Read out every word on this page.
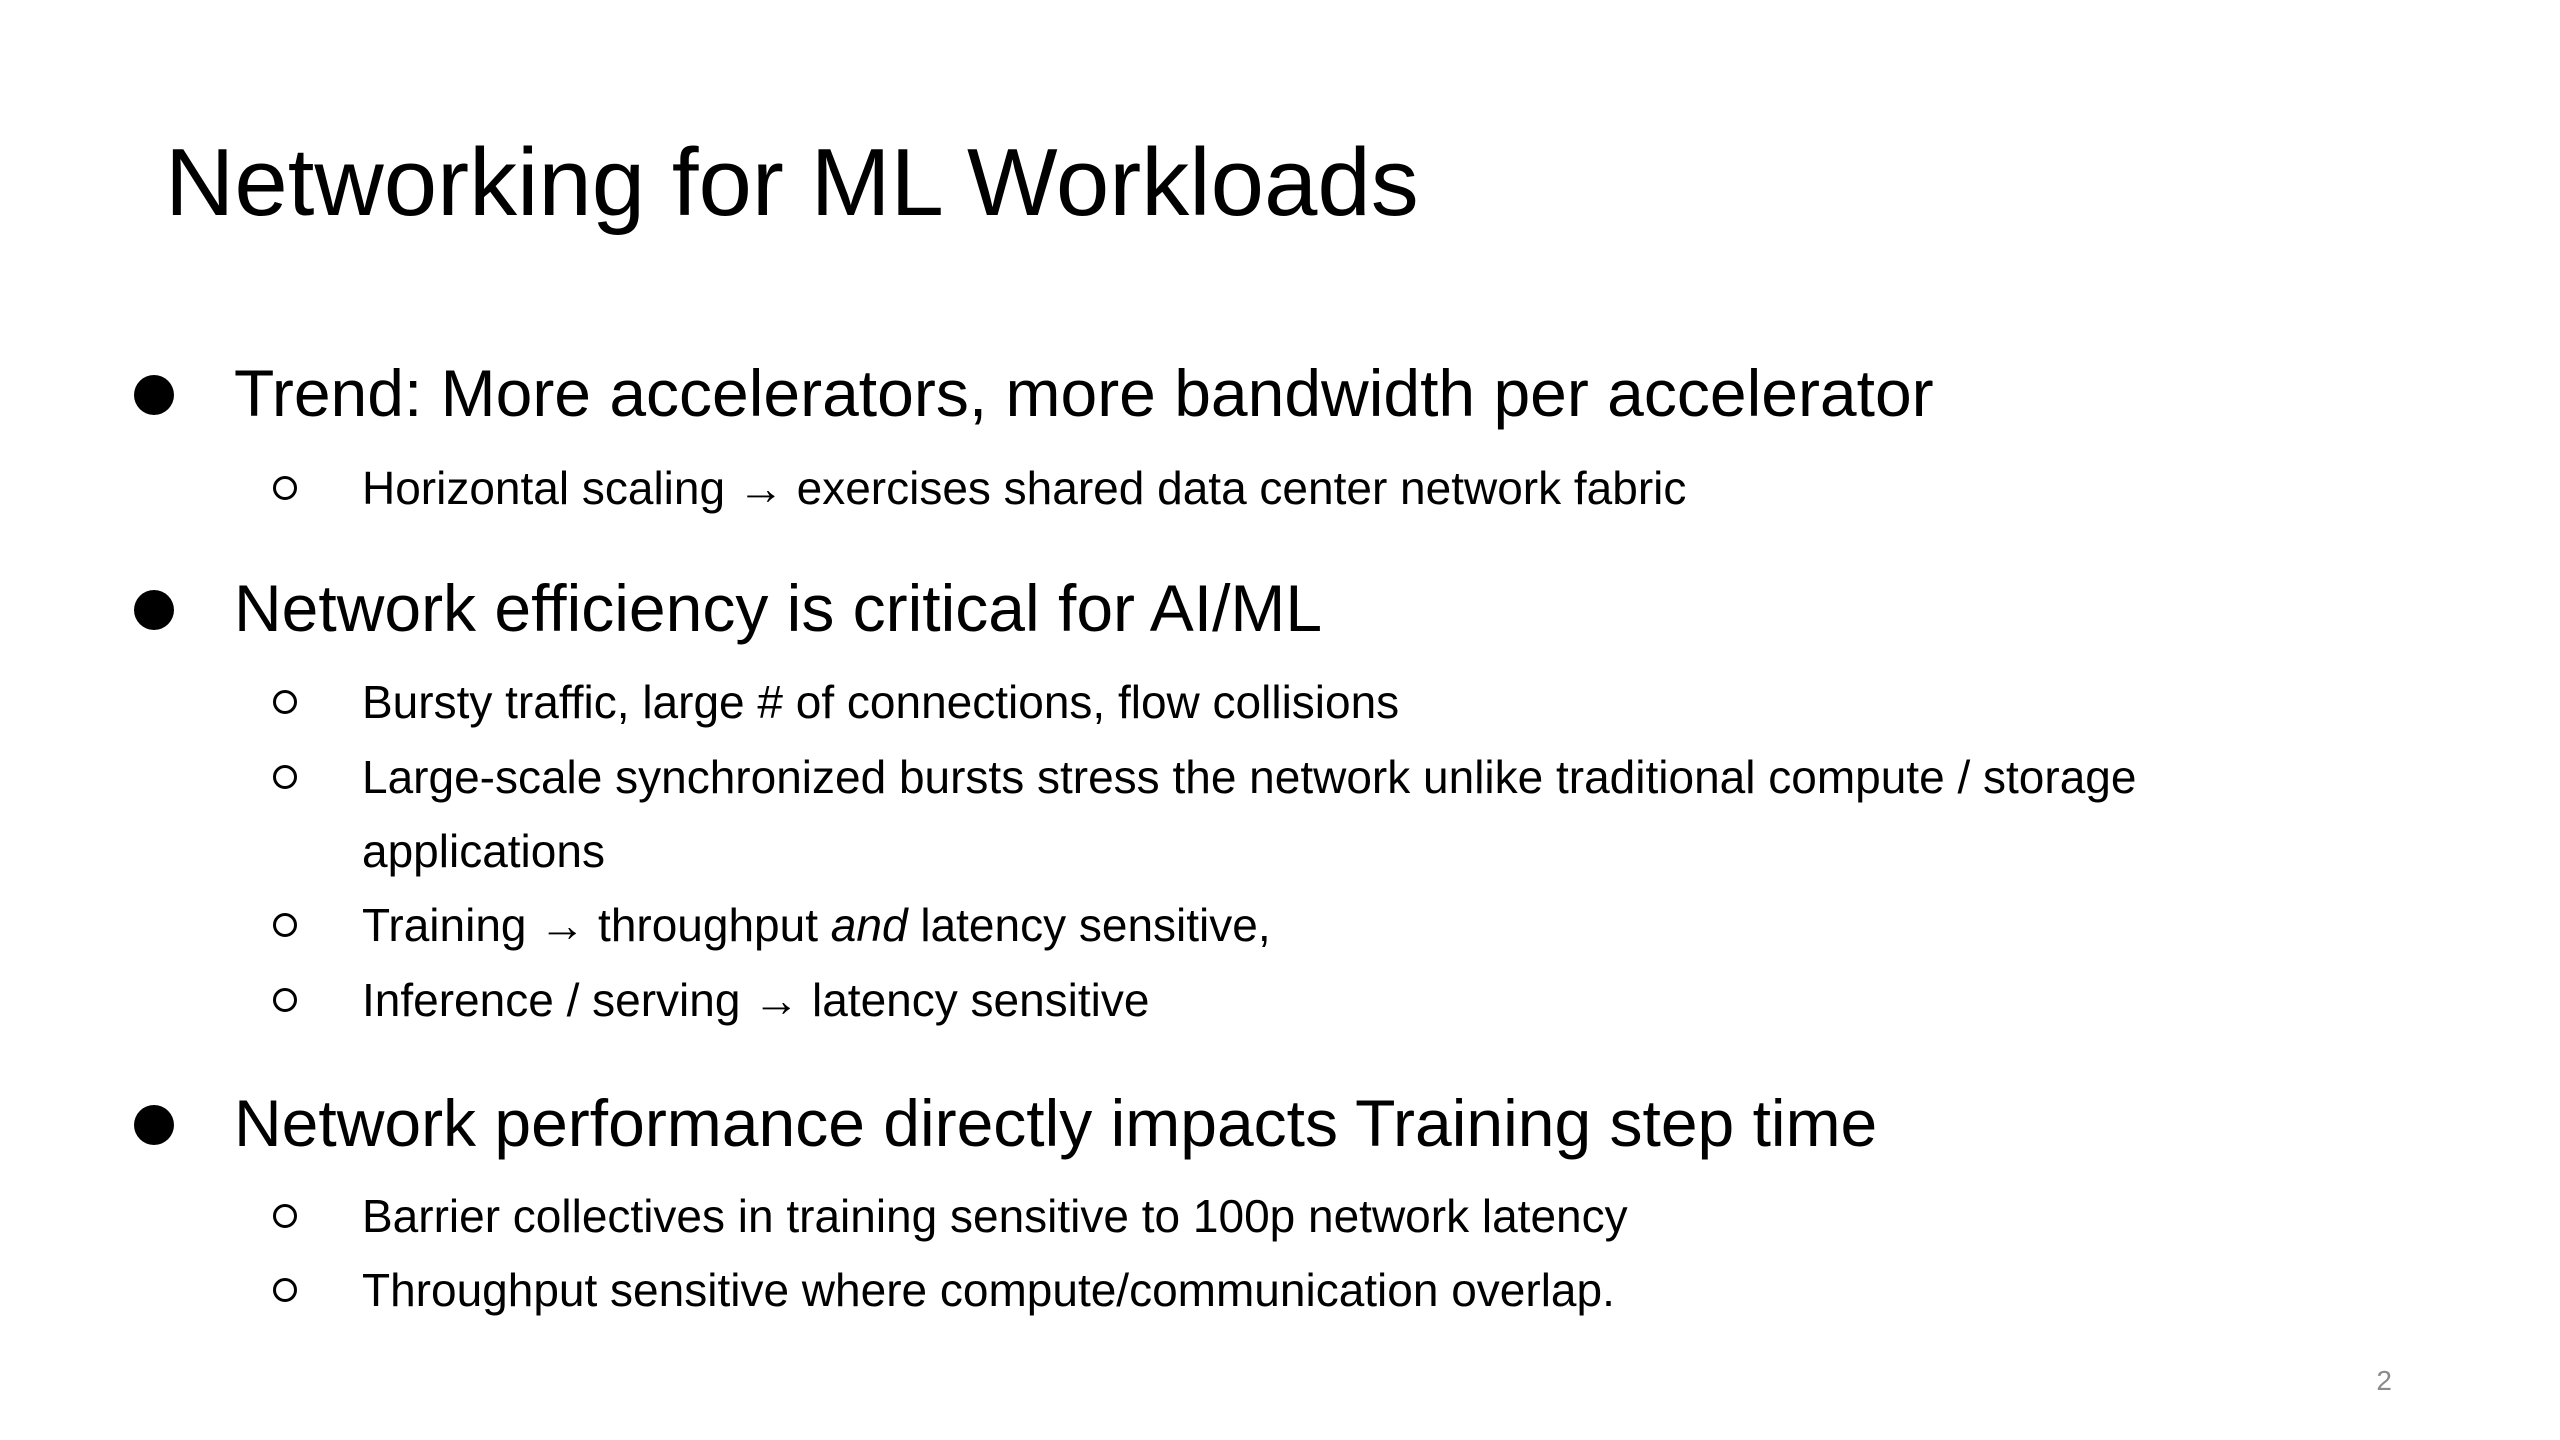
Networking for ML Workloads
Trend: More accelerators, more bandwidth per accelerator
Horizontal scaling → exercises shared data center network fabric
Network efficiency is critical for AI/ML
Bursty traffic, large # of connections, flow collisions
Large-scale synchronized bursts stress the network unlike traditional compute / storage applications
Training → throughput and latency sensitive,
Inference / serving → latency sensitive
Network performance directly impacts Training step time
Barrier collectives in training sensitive to 100p network latency
Throughput sensitive where compute/communication overlap.
2
